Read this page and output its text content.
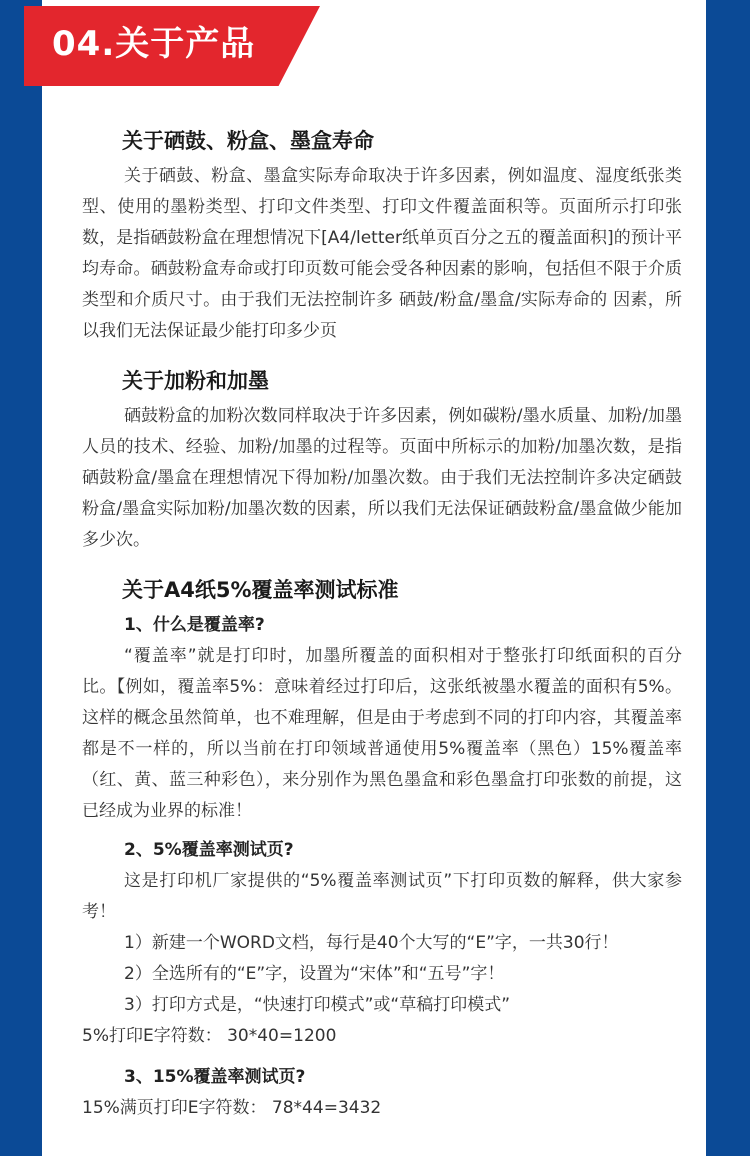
04.关于产品
关于硒鼓、粉盒、墨盒寿命

关于硒鼓、粉盒、墨盒实际寿命取决于许多因素，例如温度、湿度纸张类型、使用的墨粉类型、打印文件类型、打印文件覆盖面积等。页面所示打印张数，是指硒鼓粉盒在理想情况下[A4/letter纸单页百分之五的覆盖面积]的预计平均寿命。硒鼓粉盒寿命或打印页数可能会受各种因素的影响，包括但不限于介质类型和介质尺寸。由于我们无法控制许多 硒鼓/粉盒/墨盒/实际寿命的 因素，所以我们无法保证最少能打印多少页

关于加粉和加墨

硒鼓粉盒的加粉次数同样取决于许多因素，例如碳粉/墨水质量、加粉/加墨人员的技术、经验、加粉/加墨的过程等。页面中所标示的加粉/加墨次数，是指硒鼓粉盒/墨盒在理想情况下得加粉/加墨次数。由于我们无法控制许多决定硒鼓粉盒/墨盒实际加粉/加墨次数的因素，所以我们无法保证硒鼓粉盒/墨盒做少能加多少次。

关于A4纸5%覆盖率测试标准

1、什么是覆盖率?

“覆盖率”就是打印时，加墨所覆盖的面积相对于整张打印纸面积的百分比。【例如，覆盖率5%：意味着经过打印后，这张纸被墨水覆盖的面积有5%。这样的概念虽然简单，也不难理解，但是由于考虑到不同的打印内容，其覆盖率都是不一样的，所以当前在打印领域普通使用5%覆盖率（黑色）15%覆盖率（红、黄、蓝三种彩色），来分别作为黑色墨盒和彩色墨盒打印张数的前提，这已经成为业界的标准！

2、5%覆盖率测试页?

这是打印机厂家提供的“5%覆盖率测试页”下打印页数的解释，供大家参考！

1）新建一个WORD文档，每行是40个大写的“E”字，一共30行！

2）全选所有的“E”字，设置为“宋体”和“五号”字！

3）打印方式是，“快速打印模式”或“草稿打印模式”

5%打印E字符数： 30*40=1200

3、15%覆盖率测试页?

15%满页打印E字符数： 78*44=3432
